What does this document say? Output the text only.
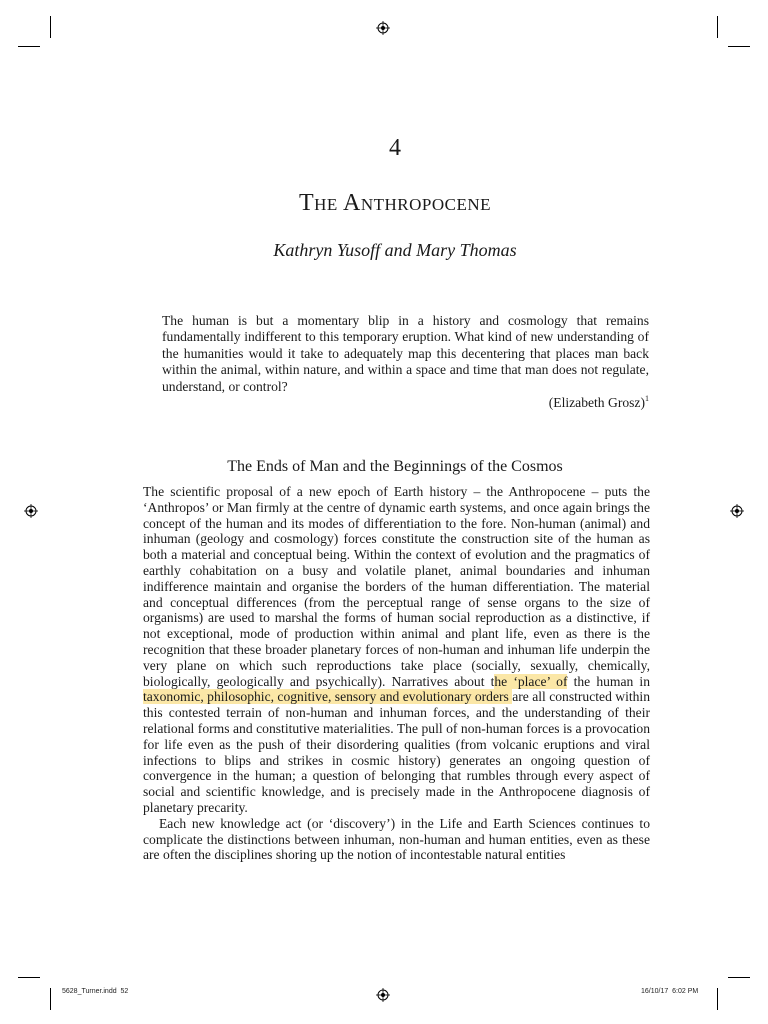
4
The Anthropocene
Kathryn Yusoff and Mary Thomas

The human is but a momentary blip in a history and cosmology that remains fundamentally indifferent to this temporary eruption. What kind of new understanding of the humanities would it take to adequately map this decentering that places man back within the animal, within nature, and within a space and time that man does not regulate, understand, or control?

(Elizabeth Grosz)$^1$

The Ends of Man and the Beginnings of the Cosmos

The scientific proposal of a new epoch of Earth history – the Anthropocene – puts the ‘Anthropos’ or Man firmly at the centre of dynamic earth systems, and once again brings the concept of the human and its modes of differentiation to the fore. Non-human (animal) and inhuman (geology and cosmology) forces constitute the construction site of the human as both a material and conceptual being. Within the context of evolution and the pragmatics of earthly cohabitation on a busy and volatile planet, animal boundaries and inhuman indifference maintain and organise the borders of the human differentiation. The material and conceptual differences (from the perceptual range of sense organs to the size of organisms) are used to marshal the forms of human social reproduction as a distinctive, if not exceptional, mode of production within animal and plant life, even as there is the recognition that these broader planetary forces of non-human and inhuman life underpin the very plane on which such reproductions take place (socially, sexually, chemically, biologically, geologically and psychically). Narratives about the ‘place’ of the human in taxonomic, philosophic, cognitive, sensory and evolutionary orders are all constructed within this contested terrain of non-human and inhuman forces, and the understanding of their relational forms and constitutive materialities. The pull of non-human forces is a provocation for life even as the push of their disordering qualities (from volcanic eruptions and viral infections to blips and strikes in cosmic history) generates an ongoing question of convergence in the human; a question of belonging that rumbles through every aspect of social and scientific knowledge, and is precisely made in the Anthropocene diagnosis of planetary precarity.

Each new knowledge act (or ‘discovery’) in the Life and Earth Sciences continues to complicate the distinctions between inhuman, non-human and human entities, even as these are often the disciplines shoring up the notion of incontestable natural entities

5628_Turner.indd 52	16/10/17 6:02 PM
